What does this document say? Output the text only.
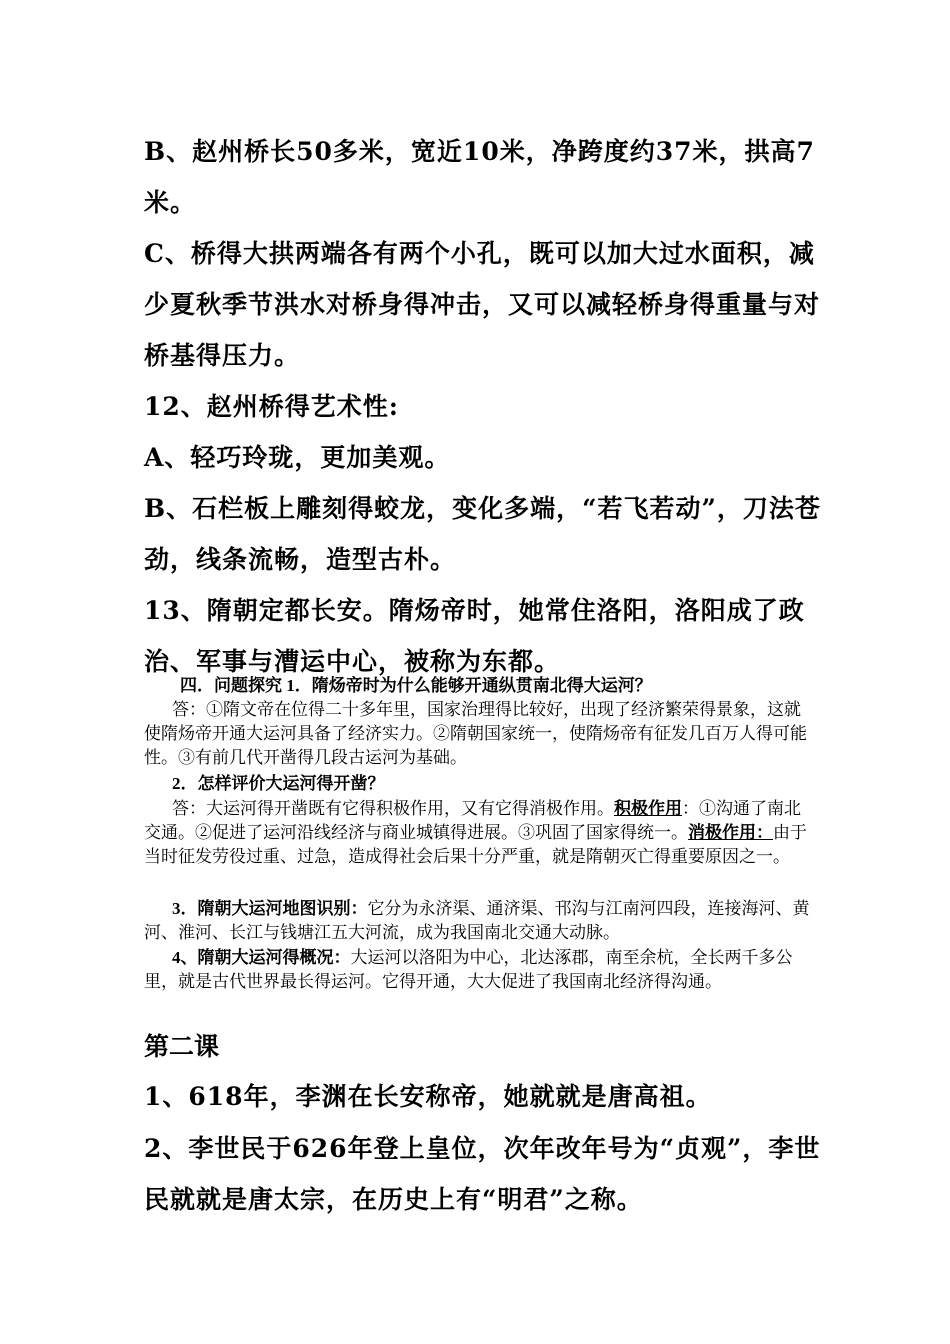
B、赵州桥长50多米，宽近10米，净跨度约37米，拱高7米。

C、桥得大拱两端各有两个小孔，既可以加大过水面积，减少夏秋季节洪水对桥身得冲击，又可以减轻桥身得重量与对桥基得压力。

12、赵州桥得艺术性:

A、轻巧玲珑，更加美观。

B、石栏板上雕刻得蛟龙，变化多端，“若飞若动”，刀法苍劲，线条流畅，造型古朴。

13、隋朝定都长安。隋炀帝时，她常住洛阳，洛阳成了政治、军事与漕运中心，被称为东都。

四．问题探究 1．隋炀帝时为什么能够开通纵贯南北得大运河？

答：①隋文帝在位得二十多年里，国家治理得比较好，出现了经济繁荣得景象，这就使隋炀帝开通大运河具备了经济实力。②隋朝国家统一，使隋炀帝有征发几百万人得可能性。③有前几代开凿得几段古运河为基础。

2．怎样评价大运河得开凿？

答：大运河得开凿既有它得积极作用，又有它得消极作用。积极作用：①沟通了南北交通。②促进了运河沿线经济与商业城镇得进展。③巩固了国家得统一。消极作用：由于当时征发劳役过重、过急，造成得社会后果十分严重，就是隋朝灭亡得重要原因之一。

3．隋朝大运河地图识别：它分为永济渠、通济渠、邗沟与江南河四段，连接海河、黄河、淮河、长江与钱塘江五大河流，成为我国南北交通大动脉。

4、隋朝大运河得概况：大运河以洛阳为中心，北达涿郡，南至余杭，全长两千多公里，就是古代世界最长得运河。它得开通，大大促进了我国南北经济得沟通。

第二课

1、618年，李渊在长安称帝，她就就是唐高祖。

2、李世民于626年登上皇位，次年改年号为“贞观”，李世民就就是唐太宗，在历史上有“明君”之称。
